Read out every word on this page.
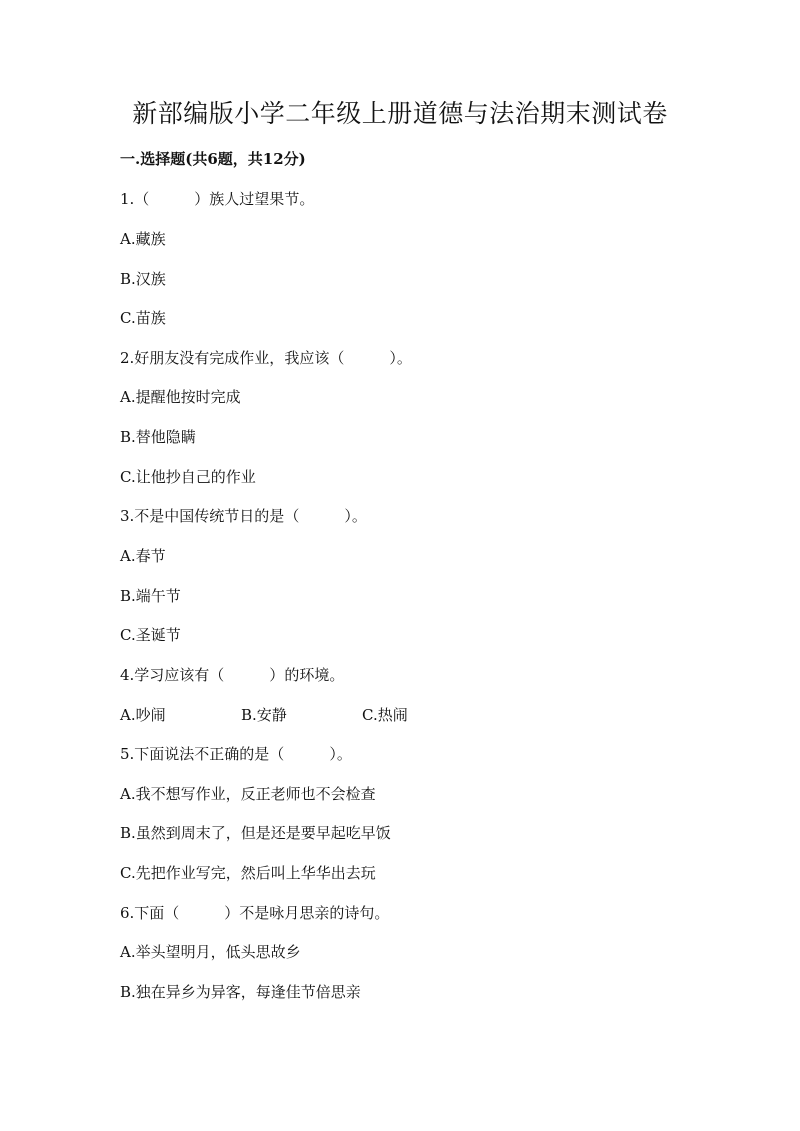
新部编版小学二年级上册道德与法治期末测试卷

一.选择题(共6题，共12分)

1.（　　　）族人过望果节。

A.藏族

B.汉族

C.苗族

2.好朋友没有完成作业，我应该（　　　）。

A.提醒他按时完成

B.替他隐瞒

C.让他抄自己的作业

3.不是中国传统节日的是（　　　）。

A.春节

B.端午节

C.圣诞节

4.学习应该有（　　　）的环境。

A.吵闹	B.安静	C.热闹

5.下面说法不正确的是（　　　）。

A.我不想写作业，反正老师也不会检查

B.虽然到周末了，但是还是要早起吃早饭

C.先把作业写完，然后叫上华华出去玩

6.下面（　　　）不是咏月思亲的诗句。

A.举头望明月，低头思故乡

B.独在异乡为异客，每逢佳节倍思亲
